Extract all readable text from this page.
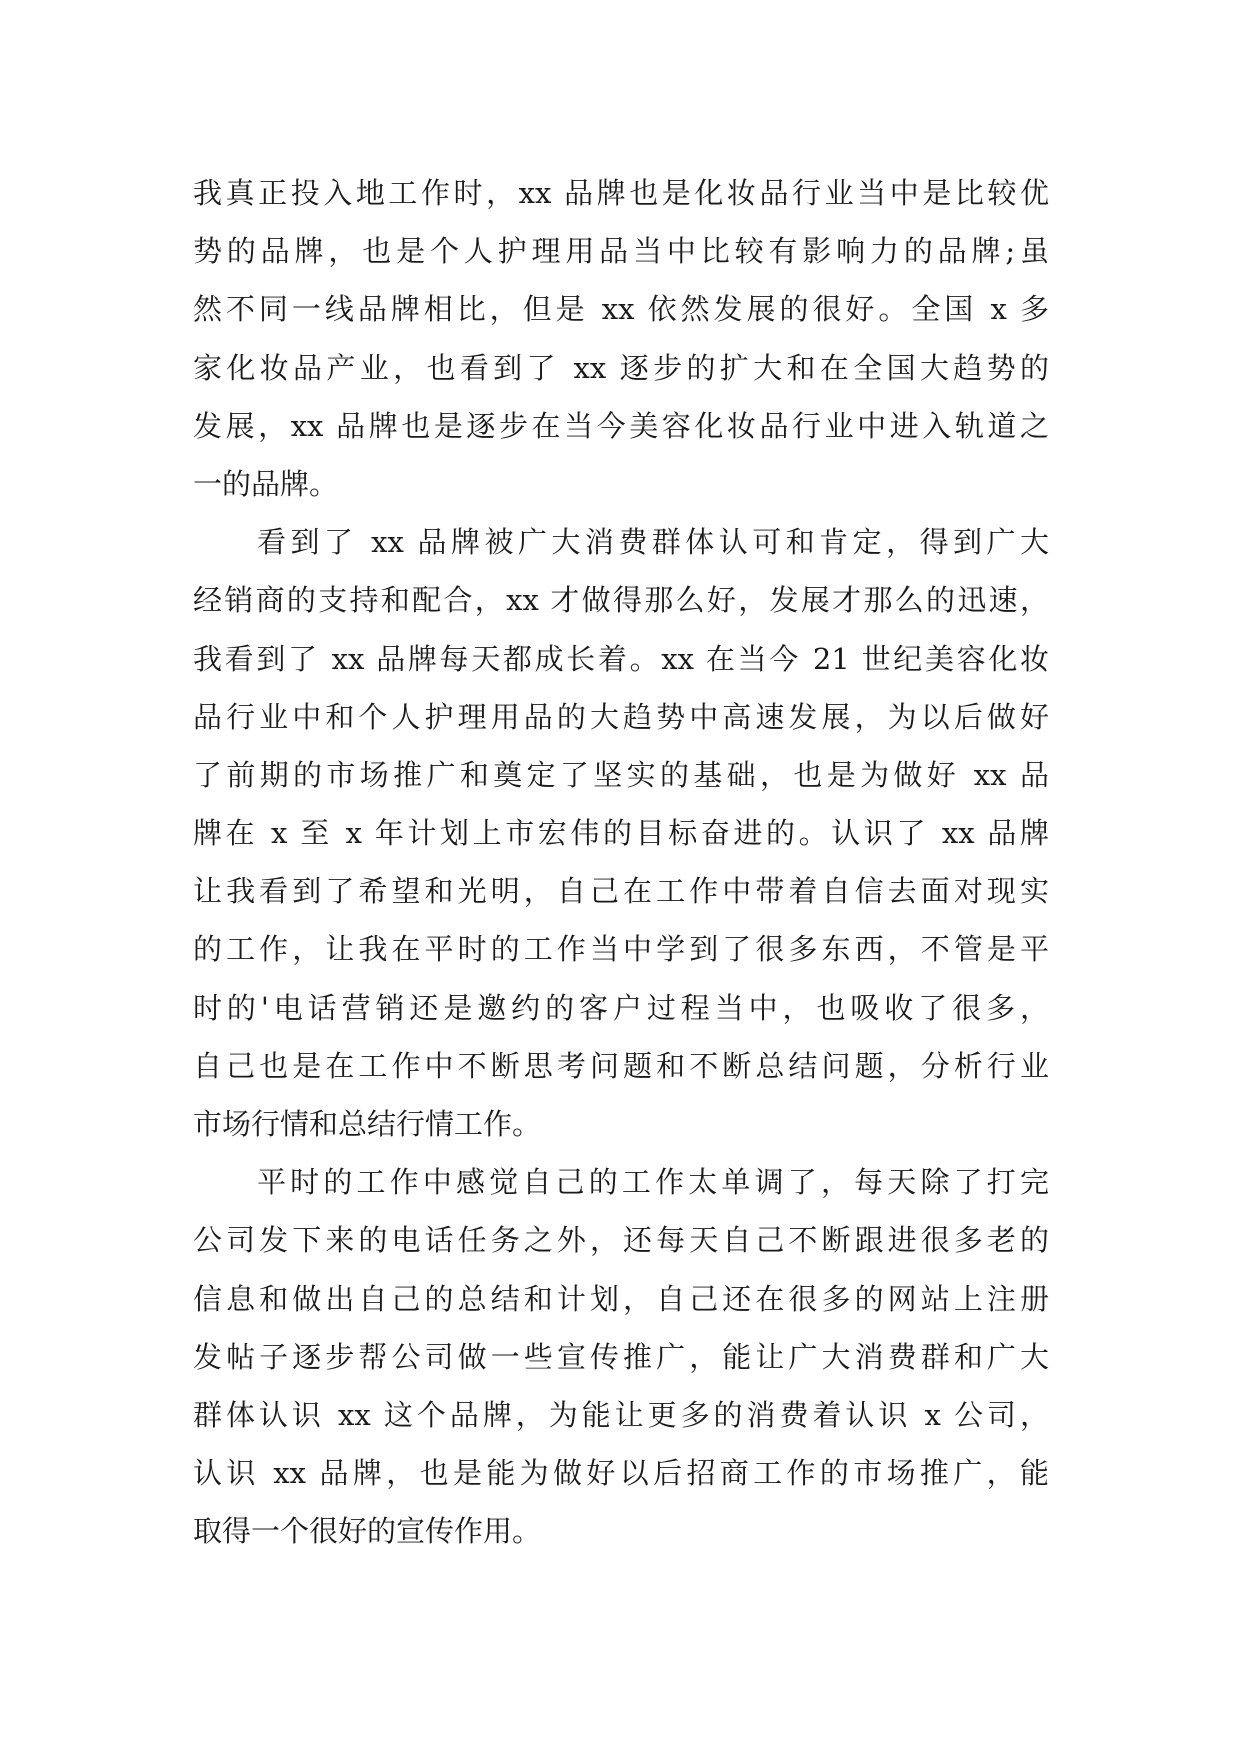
我真正投入地工作时，xx 品牌也是化妆品行业当中是比较优
势的品牌，也是个人护理用品当中比较有影响力的品牌;虽
然不同一线品牌相比，但是 xx 依然发展的很好。全国 x 多
家化妆品产业，也看到了 xx 逐步的扩大和在全国大趋势的
发展，xx 品牌也是逐步在当今美容化妆品行业中进入轨道之
一的品牌。
看到了 xx 品牌被广大消费群体认可和肯定，得到广大
经销商的支持和配合，xx 才做得那么好，发展才那么的迅速，
我看到了 xx 品牌每天都成长着。xx 在当今 21 世纪美容化妆
品行业中和个人护理用品的大趋势中高速发展，为以后做好
了前期的市场推广和奠定了坚实的基础，也是为做好 xx 品
牌在 x 至 x 年计划上市宏伟的目标奋进的。认识了 xx 品牌
让我看到了希望和光明，自己在工作中带着自信去面对现实
的工作，让我在平时的工作当中学到了很多东西，不管是平
时的'电话营销还是邀约的客户过程当中，也吸收了很多，
自己也是在工作中不断思考问题和不断总结问题，分析行业
市场行情和总结行情工作。
平时的工作中感觉自己的工作太单调了，每天除了打完
公司发下来的电话任务之外，还每天自己不断跟进很多老的
信息和做出自己的总结和计划，自己还在很多的网站上注册
发帖子逐步帮公司做一些宣传推广，能让广大消费群和广大
群体认识 xx 这个品牌，为能让更多的消费着认识 x 公司，
认识 xx 品牌，也是能为做好以后招商工作的市场推广，能
取得一个很好的宣传作用。
